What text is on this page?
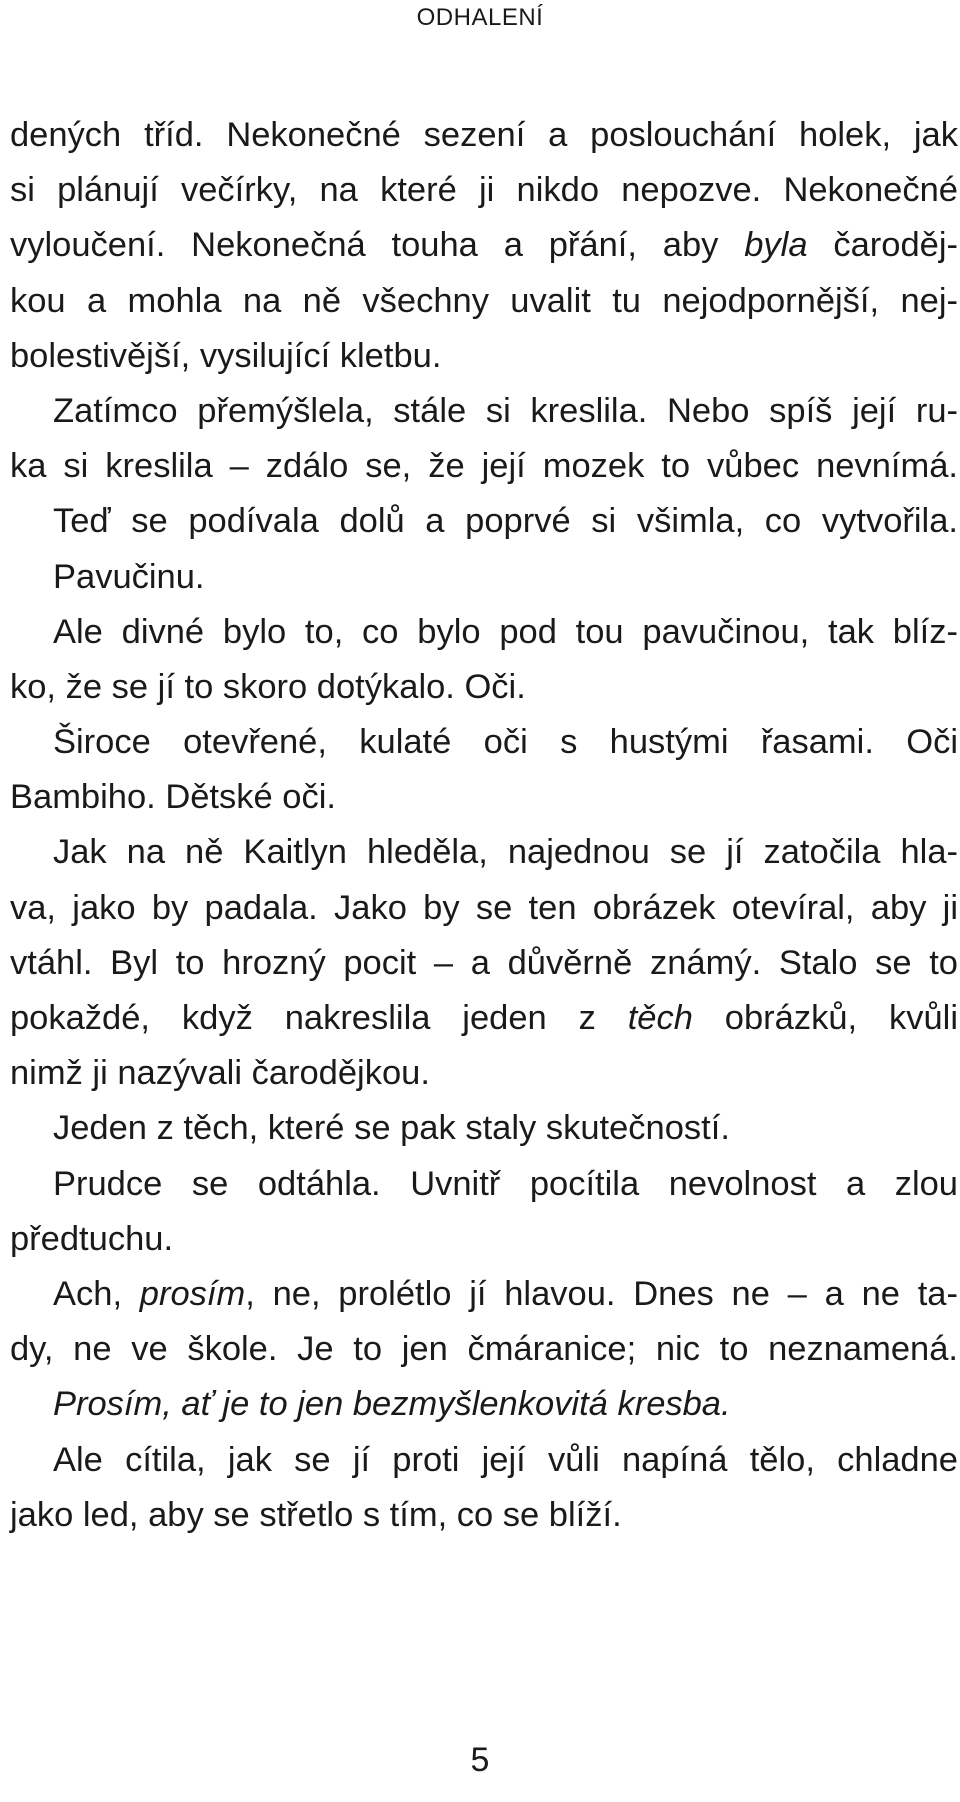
ODHALENÍ
dených tříd. Nekonečné sezení a poslouchání holek, jak
si plánují večírky, na které ji nikdo nepozve. Nekonečné
vyloučení. Nekonečná touha a přání, aby byla čaroděj-
kou a mohla na ně všechny uvalit tu nejodpornější, nej-
bolestivější, vysilující kletbu.
Zatímco přemýšlela, stále si kreslila. Nebo spíš její ru-
ka si kreslila – zdálo se, že její mozek to vůbec nevnímá.
Teď se podívala dolů a poprvé si všimla, co vytvořila.
Pavučinu.
Ale divné bylo to, co bylo pod tou pavučinou, tak blíz-
ko, že se jí to skoro dotýkalo. Oči.
Široce otevřené, kulaté oči s hustými řasami. Oči
Bambiho. Dětské oči.
Jak na ně Kaitlyn hleděla, najednou se jí zatočila hla-
va, jako by padala. Jako by se ten obrázek otevíral, aby ji
vtáhl. Byl to hrozný pocit – a důvěrně známý. Stalo se to
pokaždé, když nakreslila jeden z těch obrázků, kvůli
nimž ji nazývali čarodějkou.
Jeden z těch, které se pak staly skutečností.
Prudce se odtáhla. Uvnitř pocítila nevolnost a zlou
předtuchu.
Ach, prosím, ne, prolétlo jí hlavou. Dnes ne – a ne ta-
dy, ne ve škole. Je to jen čmáranice; nic to neznamená.
Prosím, ať je to jen bezmyšlenkovitá kresba.
Ale cítila, jak se jí proti její vůli napíná tělo, chladne
jako led, aby se střetlo s tím, co se blíží.
5
